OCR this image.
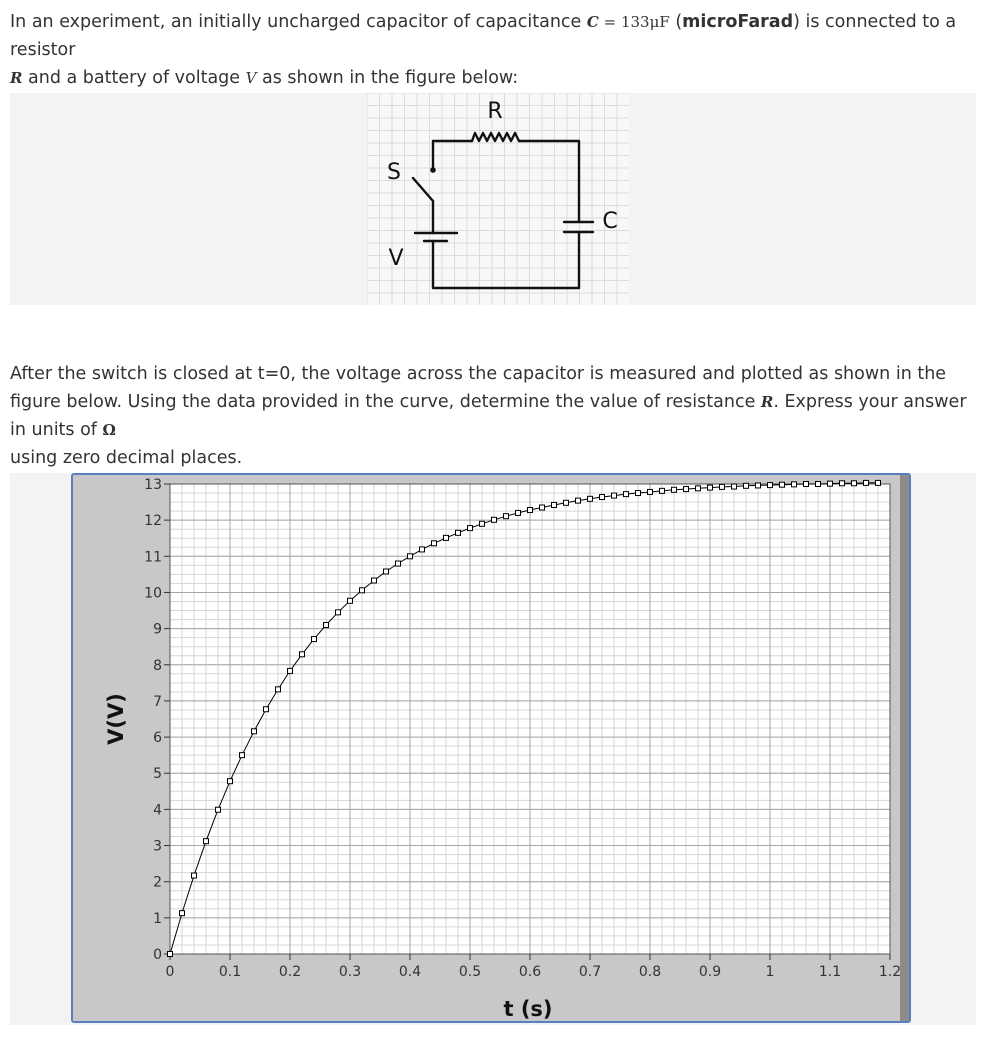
In an experiment, an initially uncharged capacitor of capacitance C = 133μF (microFarad) is connected to a resistor
R and a battery of voltage V as shown in the figure below:

R
S
C
V

After the switch is closed at t=0, the voltage across the capacitor is measured and plotted as shown in the figure below. Using the data provided in the curve, determine the value of resistance R. Express your answer in units of Ω
using zero decimal places.

0
1
2
3
4
5
6
7
8
9
10
11
12
13
0	0.1	0.2	0.3	0.4	0.5	0.6	0.7	0.8	0.9	1	1.1	1.2
t (s)
V(V)
